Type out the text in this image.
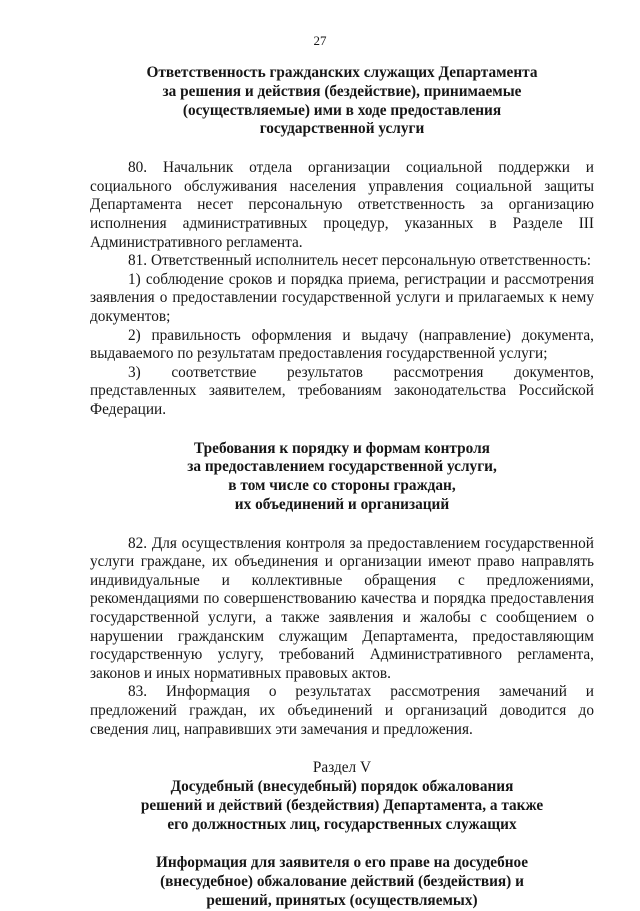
27
Ответственность гражданских служащих Департамента
за решения и действия (бездействие), принимаемые
(осуществляемые) ими в ходе предоставления
государственной услуги

80. Начальник отдела организации социальной поддержки и социального обслуживания населения управления социальной защиты Департамента несет персональную ответственность за организацию исполнения административных процедур, указанных в Разделе III Административного регламента.

81. Ответственный исполнитель несет персональную ответственность:

1) соблюдение сроков и порядка приема, регистрации и рассмотрения заявления о предоставлении государственной услуги и прилагаемых к нему документов;

2) правильность оформления и выдачу (направление) документа, выдаваемого по результатам предоставления государственной услуги;

3) соответствие результатов рассмотрения документов, представленных заявителем, требованиям законодательства Российской Федерации.

Требования к порядку и формам контроля
за предоставлением государственной услуги,
в том числе со стороны граждан,
их объединений и организаций

82. Для осуществления контроля за предоставлением государственной услуги граждане, их объединения и организации имеют право направлять индивидуальные и коллективные обращения с предложениями, рекомендациями по совершенствованию качества и порядка предоставления государственной услуги, а также заявления и жалобы с сообщением о нарушении гражданским служащим Департамента, предоставляющим государственную услугу, требований Административного регламента, законов и иных нормативных правовых актов.

83. Информация о результатах рассмотрения замечаний и предложений граждан, их объединений и организаций доводится до сведения лиц, направивших эти замечания и предложения.

Раздел V
Досудебный (внесудебный) порядок обжалования
решений и действий (бездействия) Департамента, а также
его должностных лиц, государственных служащих
Информация для заявителя о его праве на досудебное
(внесудебное) обжалование действий (бездействия) и
решений, принятых (осуществляемых)
